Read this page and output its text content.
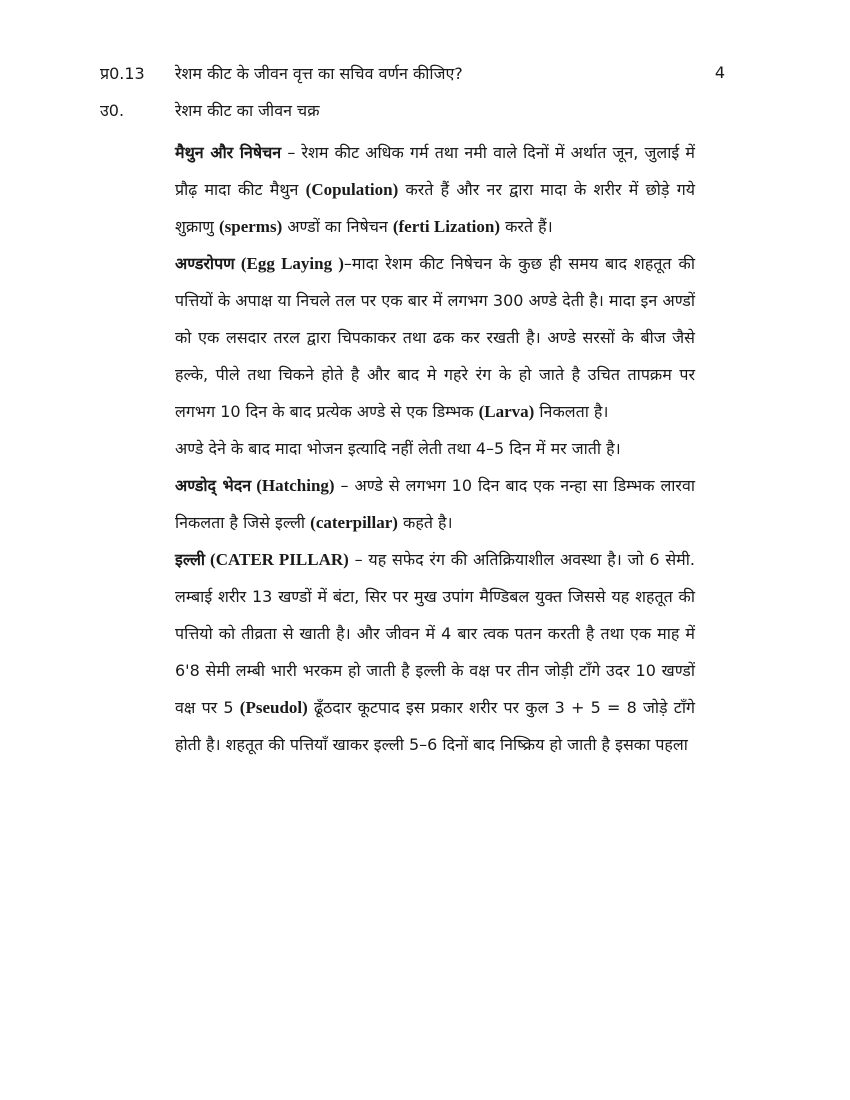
प्र0.13	रेशम कीट के जीवन वृत्त का सचिव वर्णन कीजिए?	4
उ0.	रेशम कीट का जीवन चक्र

मैथुन और निषेचन – रेशम कीट अधिक गर्म तथा नमी वाले दिनों में अर्थात जून, जुलाई में प्रौढ़ मादा कीट मैथुन (Copulation) करते हैं और नर द्वारा मादा के शरीर में छोड़े गये शुक्राणु (sperms) अण्डों का निषेचन (ferti Lization) करते हैं।

अण्डरोपण (Egg Laying )–मादा रेशम कीट निषेचन के कुछ ही समय बाद शहतूत की पत्तियों के अपाक्ष या निचले तल पर एक बार में लगभग 300 अण्डे देती है। मादा इन अण्डों को एक लसदार तरल द्वारा चिपकाकर तथा ढक कर रखती है। अण्डे सरसों के बीज जैसे हल्के, पीले तथा चिकने होते है और बाद मे गहरे रंग के हो जाते है उचित तापक्रम पर लगभग 10 दिन के बाद प्रत्येक अण्डे से एक डिम्भक (Larva) निकलता है।

अण्डे देने के बाद मादा भोजन इत्यादि नहीं लेती तथा 4–5 दिन में मर जाती है।

अण्डोद् भेदन (Hatching) – अण्डे से लगभग 10 दिन बाद एक नन्हा सा डिम्भक लारवा निकलता है जिसे इल्ली (caterpillar) कहते है।

इल्ली (CATER PILLAR) – यह सफेद रंग की अतिक्रियाशील अवस्था है। जो 6 सेमी. लम्बाई शरीर 13 खण्डों में बंटा, सिर पर मुख उपांग मैण्डिबल युक्त जिससे यह शहतूत की पत्तियो को तीव्रता से खाती है। और जीवन में 4 बार त्वक पतन करती है तथा एक माह में 6'8 सेमी लम्बी भारी भरकम हो जाती है इल्ली के वक्ष पर तीन जोड़ी टाँगे उदर 10 खण्डों वक्ष पर 5 (Pseudol) ढूँठदार कूटपाद इस प्रकार शरीर पर कुल 3 + 5 = 8 जोड़े टाँगे होती है। शहतूत की पत्तियाँ खाकर इल्ली 5–6 दिनों बाद निष्क्रिय हो जाती है इसका पहला
